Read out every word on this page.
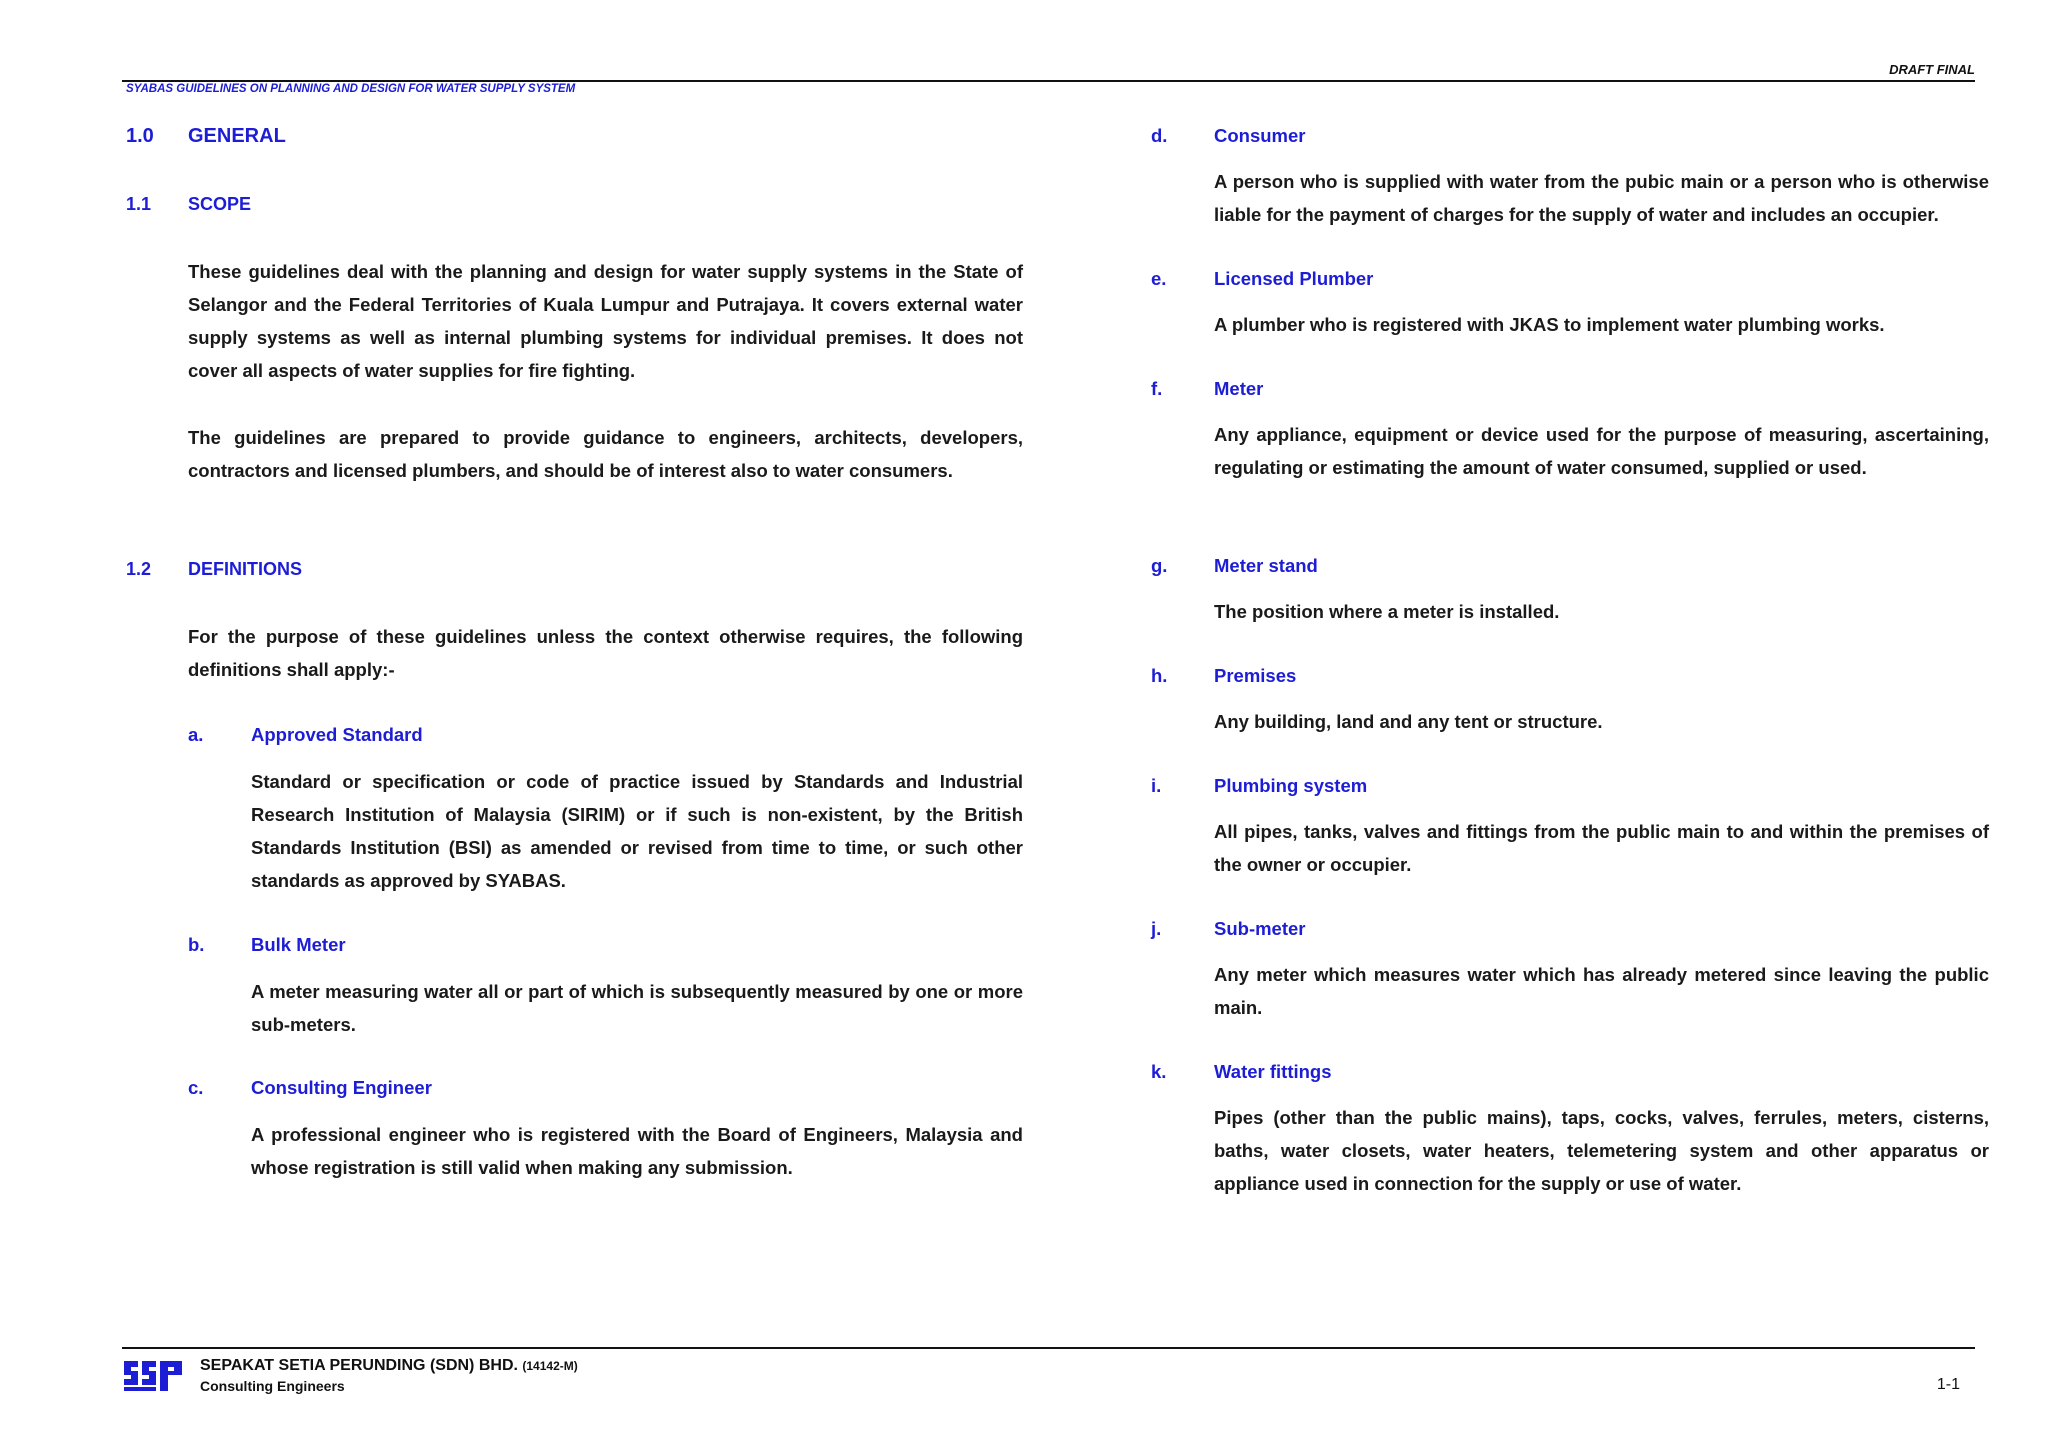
DRAFT FINAL
SYABAS GUIDELINES ON PLANNING AND DESIGN FOR WATER SUPPLY SYSTEM
1.0 GENERAL
1.1 SCOPE
These guidelines deal with the planning and design for water supply systems in the State of Selangor and the Federal Territories of Kuala Lumpur and Putrajaya. It covers external water supply systems as well as internal plumbing systems for individual premises. It does not cover all aspects of water supplies for fire fighting.
The guidelines are prepared to provide guidance to engineers, architects, developers, contractors and licensed plumbers, and should be of interest also to water consumers.
1.2 DEFINITIONS
For the purpose of these guidelines unless the context otherwise requires, the following definitions shall apply:-
a.	Approved Standard
Standard or specification or code of practice issued by Standards and Industrial Research Institution of Malaysia (SIRIM) or if such is non-existent, by the British Standards Institution (BSI) as amended or revised from time to time, or such other standards as approved by SYABAS.
b.	Bulk Meter
A meter measuring water all or part of which is subsequently measured by one or more sub-meters.
c.	Consulting Engineer
A professional engineer who is registered with the Board of Engineers, Malaysia and whose registration is still valid when making any submission.
d.	Consumer
A person who is supplied with water from the pubic main or a person who is otherwise liable for the payment of charges for the supply of water and includes an occupier.
e.	Licensed Plumber
A plumber who is registered with JKAS to implement water plumbing works.
f.	Meter
Any appliance, equipment or device used for the purpose of measuring, ascertaining, regulating or estimating the amount of water consumed, supplied or used.
g.	Meter stand
The position where a meter is installed.
h.	Premises
Any building, land and any tent or structure.
i.	Plumbing system
All pipes, tanks, valves and fittings from the public main to and within the premises of the owner or occupier.
j.	Sub-meter
Any meter which measures water which has already metered since leaving the public main.
k.	Water fittings
Pipes (other than the public mains), taps, cocks, valves, ferrules, meters, cisterns, baths, water closets, water heaters, telemetering system and other apparatus or appliance used in connection for the supply or use of water.
SEPAKAT SETIA PERUNDING (SDN) BHD. (14142-M)
Consulting Engineers	1-1
